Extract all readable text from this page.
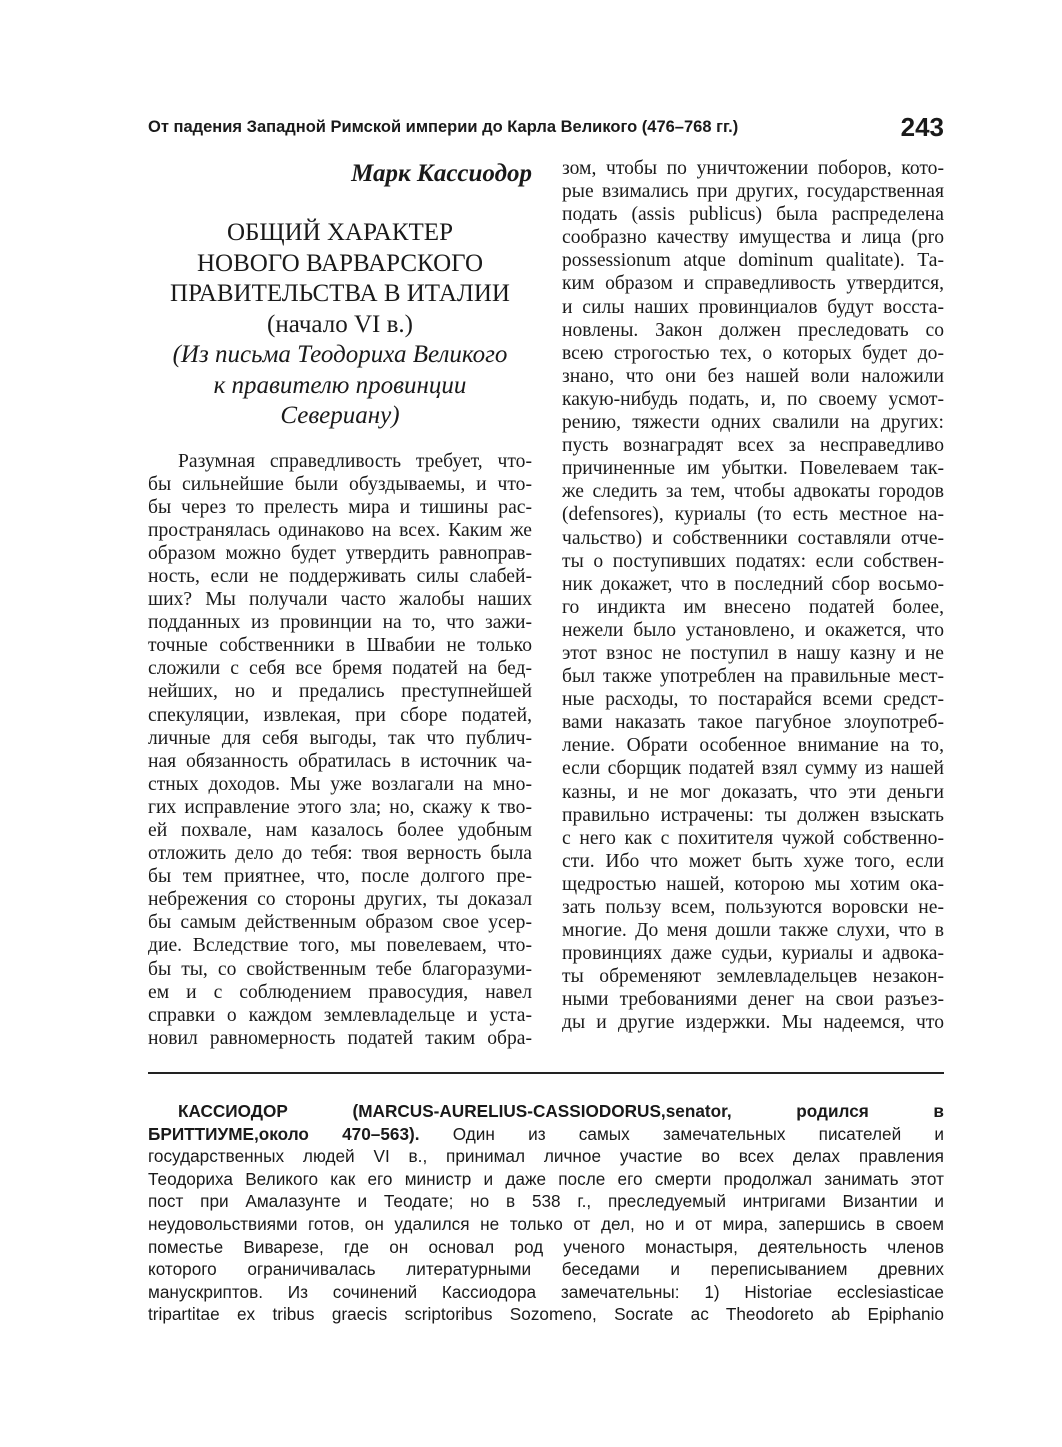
От падения Западной Римской империи до Карла Великого (476–768 гг.)	243
Марк Кассиодор
ОБЩИЙ ХАРАКТЕР
НОВОГО ВАРВАРСКОГО
ПРАВИТЕЛЬСТВА В ИТАЛИИ
(начало VI в.)
(Из письма Теодориха Великого
к правителю провинции
Севериану)
Разумная справедливость требует, что-
бы сильнейшие были обуздываемы, и что-
бы через то прелесть мира и тишины рас-
пространялась одинаково на всех. Каким же
образом можно будет утвердить равноправ-
ность, если не поддерживать силы слабей-
ших? Мы получали часто жалобы наших
подданных из провинции на то, что зажи-
точные собственники в Швабии не только
сложили с себя все бремя податей на бед-
нейших, но и предались преступнейшей
спекуляции, извлекая, при сборе податей,
личные для себя выгоды, так что публич-
ная обязанность обратилась в источник ча-
стных доходов. Мы уже возлагали на мно-
гих исправление этого зла; но, скажу к тво-
ей похвале, нам казалось более удобным
отложить дело до тебя: твоя верность была
бы тем приятнее, что, после долгого пре-
небрежения со стороны других, ты доказал
бы самым действенным образом свое усер-
дие. Вследствие того, мы повелеваем, что-
бы ты, со свойственным тебе благоразуми-
ем и с соблюдением правосудия, навел
справки о каждом землевладельце и уста-
новил равномерность податей таким обра-
зом, чтобы по уничтожении поборов, кото-
рые взимались при других, государственная
подать (assis publicus) была распределена
сообразно качеству имущества и лица (pro
possessionum atque dominum qualitate). Та-
ким образом и справедливость утвердится,
и силы наших провинциалов будут восста-
новлены. Закон должен преследовать со
всею строгостью тех, о которых будет до-
знано, что они без нашей воли наложили
какую-нибудь подать, и, по своему усмот-
рению, тяжести одних свалили на других:
пусть вознаградят всех за несправедливо
причиненные им убытки. Повелеваем так-
же следить за тем, чтобы адвокаты городов
(defensores), куриалы (то есть местное на-
чальство) и собственники составляли отче-
ты о поступивших податях: если собствен-
ник докажет, что в последний сбор восьмо-
го индикта им внесено податей более,
нежели было установлено, и окажется, что
этот взнос не поступил в нашу казну и не
был также употреблен на правильные мест-
ные расходы, то постарайся всеми средст-
вами наказать такое пагубное злоупотреб-
ление. Обрати особенное внимание на то,
если сборщик податей взял сумму из нашей
казны, и не мог доказать, что эти деньги
правильно истрачены: ты должен взыскать
с него как с похитителя чужой собственно-
сти. Ибо что может быть хуже того, если
щедростью нашей, которою мы хотим ока-
зать пользу всем, пользуются воровски не-
многие. До меня дошли также слухи, что в
провинциях даже судьи, куриалы и адвока-
ты обременяют землевладельцев незакон-
ными требованиями денег на свои разъез-
ды и другие издержки. Мы надеемся, что
КАССИОДОР (MARCUS-AURELIUS-CASSIODORUS,senator, родился в
БРИТТИУМЕ,около 470–563). Один из самых замечательных писателей и
государственных людей VI в., принимал личное участие во всех делах правления
Теодориха Великого как его министр и даже после его смерти продолжал занимать этот
пост при Амалазунте и Теодате; но в 538 г., преследуемый интригами Византии и
неудовольствиями готов, он удалился не только от дел, но и от мира, запершись в своем
поместье Виварезе, где он основал род ученого монастыря, деятельность членов
которого ограничивалась литературными беседами и переписыванием древних
манускриптов. Из сочинений Кассиодора замечательны: 1) Historiae ecclesiasticae
tripartitae ex tribus graecis scriptoribus Sozomeno, Socrate ac Theodoreto ab Epiphanio
